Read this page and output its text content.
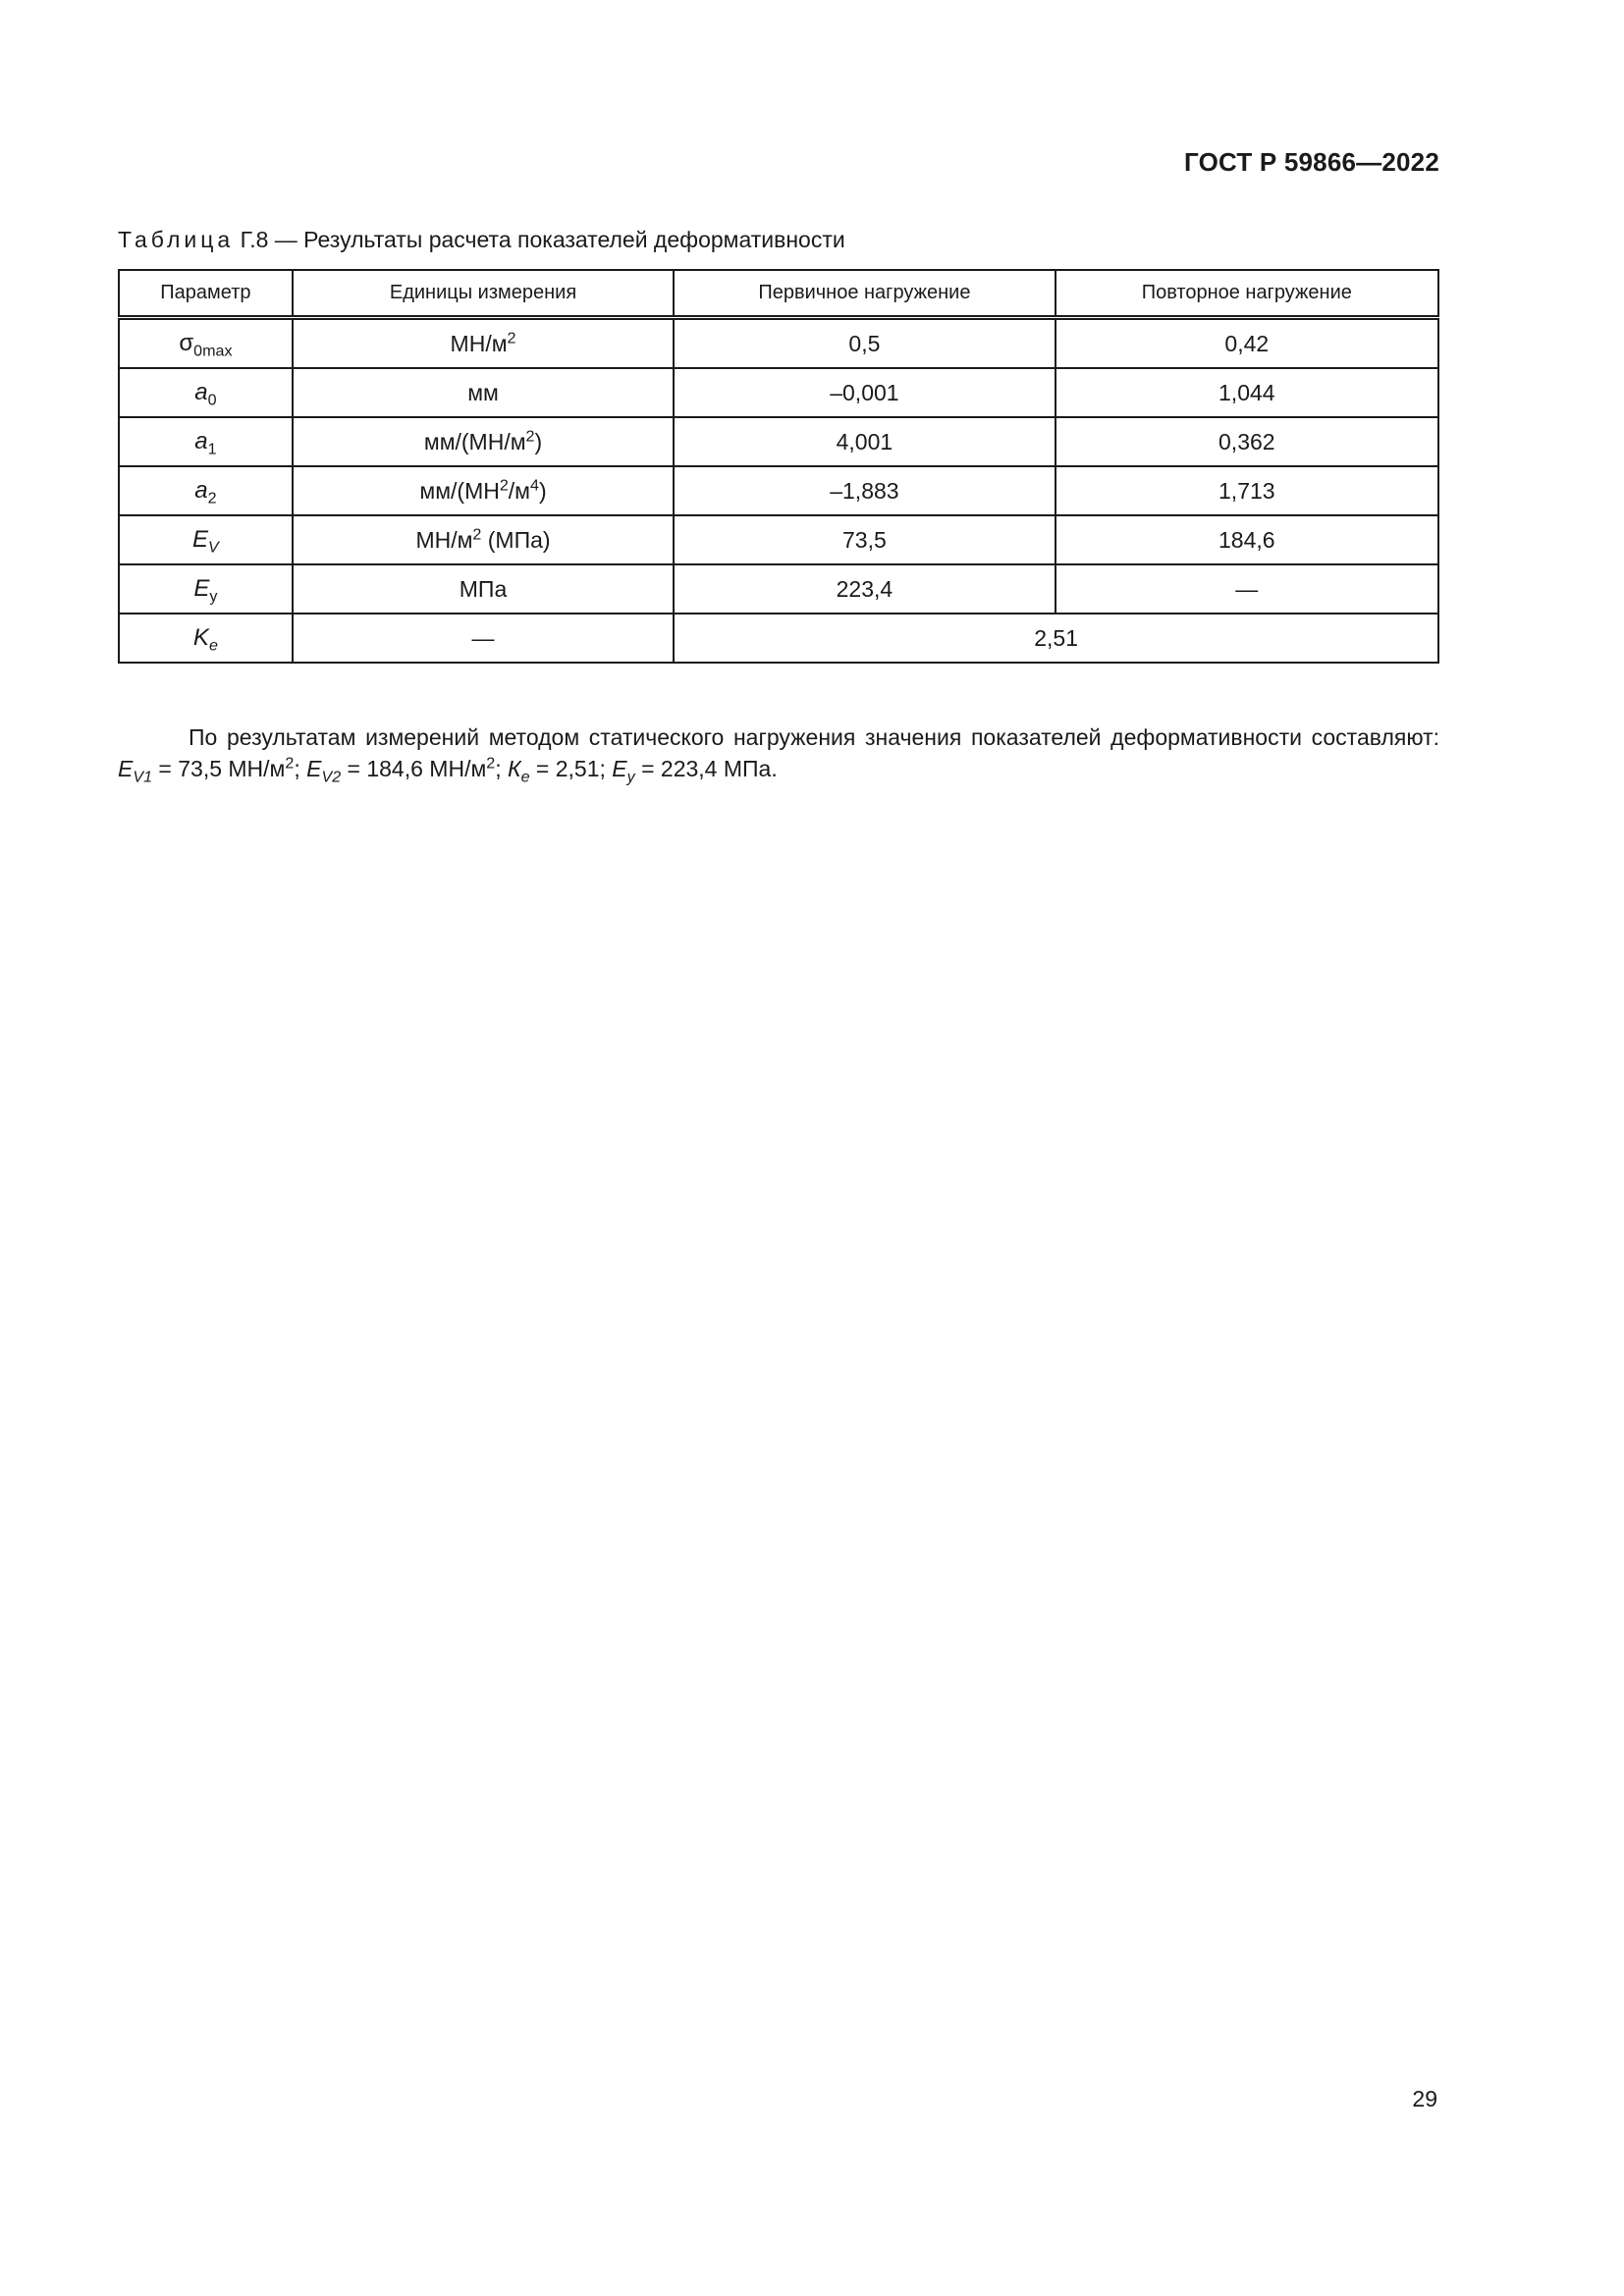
ГОСТ Р 59866—2022
Таблица Г.8 — Результаты расчета показателей деформативности
Параметр	Единицы измерения	Первичное нагружение	Повторное нагружение
$\sigma_{0max}$	$МН/м^2$	0,5	0,42
$a_0$	мм	–0,001	1,044
$a_1$	$мм/(МН/м^2)$	4,001	0,362
$a_2$	$мм/(МН^2/м^4)$	–1,883	1,713
$E_V$	$МН/м^2$ (МПа)	73,5	184,6
$E_у$	МПа	223,4	—
$K_e$	—	2,51	

По результатам измерений методом статического нагружения значения показателей деформативности составляют: $E_{V1} = 73,5$ $МН/м^2$; $E_{V2} = 184,6$ $МН/м^2$; $К_e = 2,51$; $E_y = 223,4$ МПа.

29
